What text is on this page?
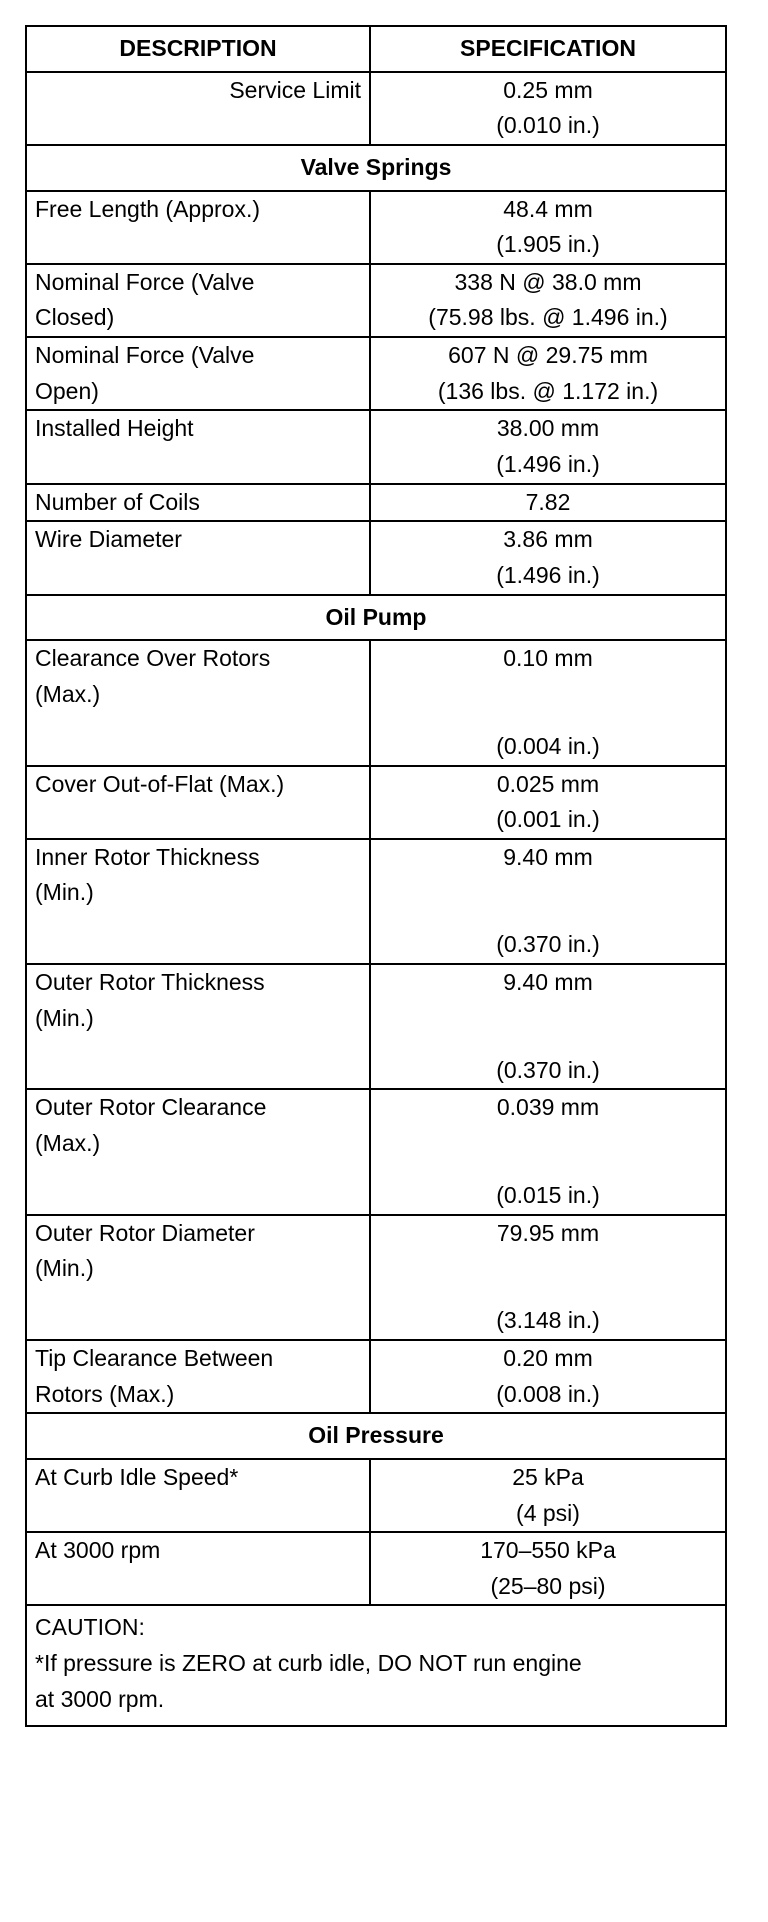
DESCRIPTION	SPECIFICATION

Service Limit	0.25 mm
(0.010 in.)

Valve Springs	

Free Length (Approx.)	48.4 mm
(1.905 in.)

Nominal Force (Valve
Closed)	338 N @ 38.0 mm
(75.98 lbs. @ 1.496 in.)

Nominal Force (Valve
Open)	607 N @ 29.75 mm
(136 lbs. @ 1.172 in.)

Installed Height	38.00 mm
(1.496 in.)

Number of Coils	7.82

Wire Diameter	3.86 mm
(1.496 in.)

Oil Pump	

Clearance Over Rotors
(Max.)	0.10 mm
(0.004 in.)

Cover Out-of-Flat (Max.)	0.025 mm
(0.001 in.)

Inner Rotor Thickness
(Min.)	9.40 mm
(0.370 in.)

Outer Rotor Thickness
(Min.)	9.40 mm
(0.370 in.)

Outer Rotor Clearance
(Max.)	0.039 mm
(0.015 in.)

Outer Rotor Diameter
(Min.)	79.95 mm
(3.148 in.)

Tip Clearance Between
Rotors (Max.)	0.20 mm
(0.008 in.)

Oil Pressure	

At Curb Idle Speed*	25 kPa
(4 psi)

At 3000 rpm	170–550 kPa
(25–80 psi)

CAUTION:
*If pressure is ZERO at curb idle, DO NOT run engine
at 3000 rpm.	
